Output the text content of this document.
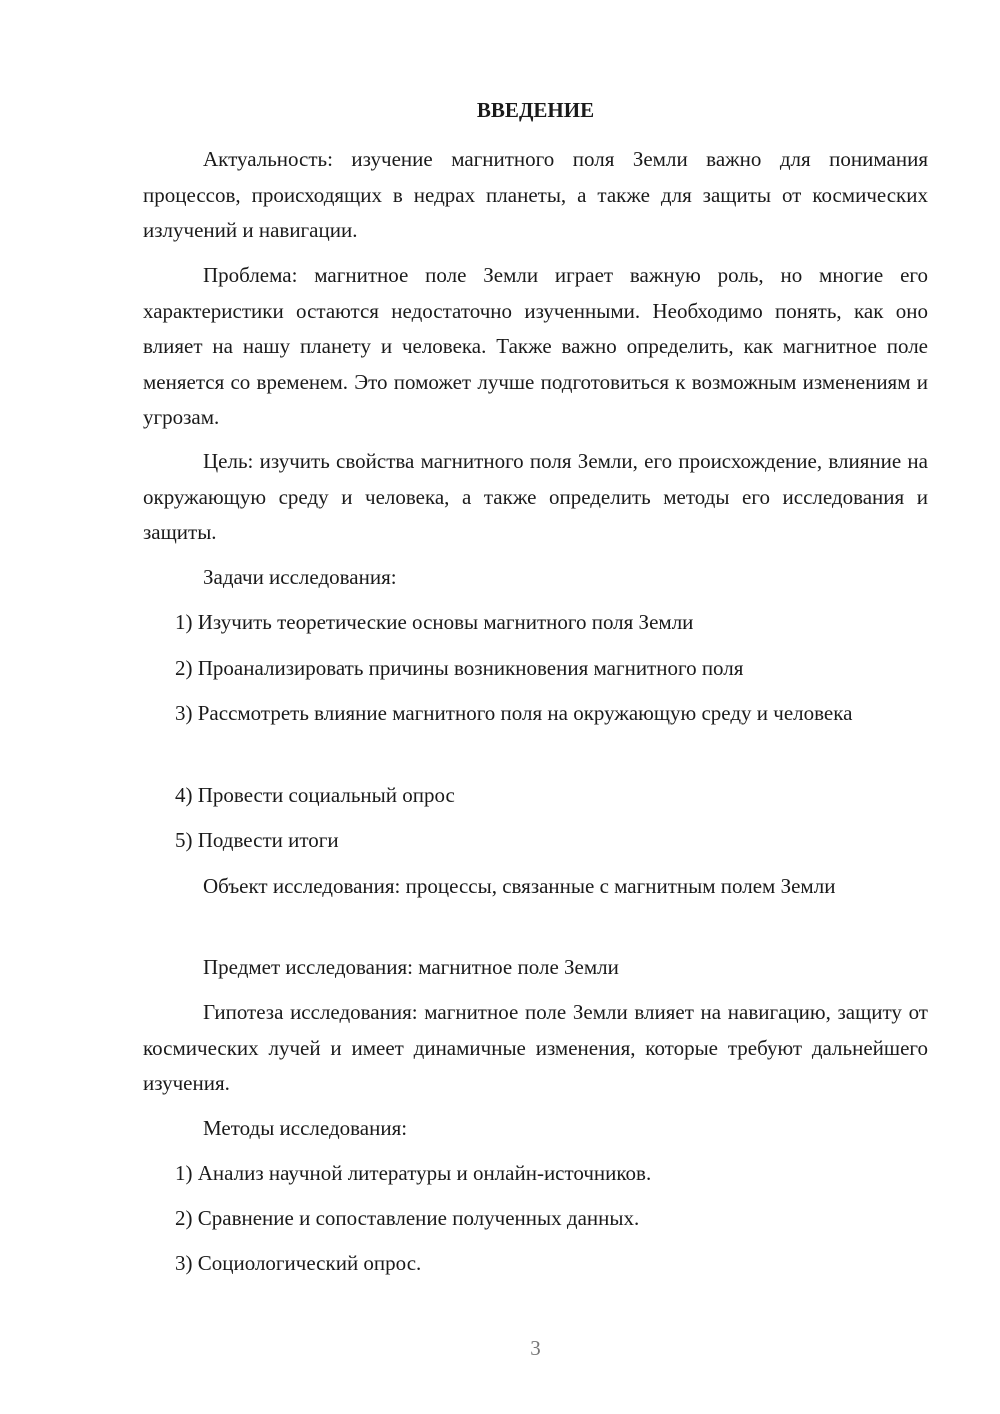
ВВЕДЕНИЕ

Актуальность: изучение магнитного поля Земли важно для понимания процессов, происходящих в недрах планеты, а также для защиты от космических излучений и навигации.

Проблема: магнитное поле Земли играет важную роль, но многие его характеристики остаются недостаточно изученными. Необходимо понять, как оно влияет на нашу планету и человека. Также важно определить, как магнитное поле меняется со временем. Это поможет лучше подготовиться к возможным изменениям и угрозам.

Цель: изучить свойства магнитного поля Земли, его происхождение, влияние на окружающую среду и человека, а также определить методы его исследования и защиты.

Задачи исследования:

1) Изучить теоретические основы магнитного поля Земли

2) Проанализировать причины возникновения магнитного поля

3) Рассмотреть влияние магнитного поля на окружающую среду и человека

4) Провести социальный опрос

5) Подвести итоги

Объект исследования: процессы, связанные с магнитным полем Земли

Предмет исследования: магнитное поле Земли

Гипотеза исследования: магнитное поле Земли влияет на навигацию, защиту от космических лучей и имеет динамичные изменения, которые требуют дальнейшего изучения.

Методы исследования:

1) Анализ научной литературы и онлайн-источников.

2) Сравнение и сопоставление полученных данных.

3) Социологический опрос.

3
